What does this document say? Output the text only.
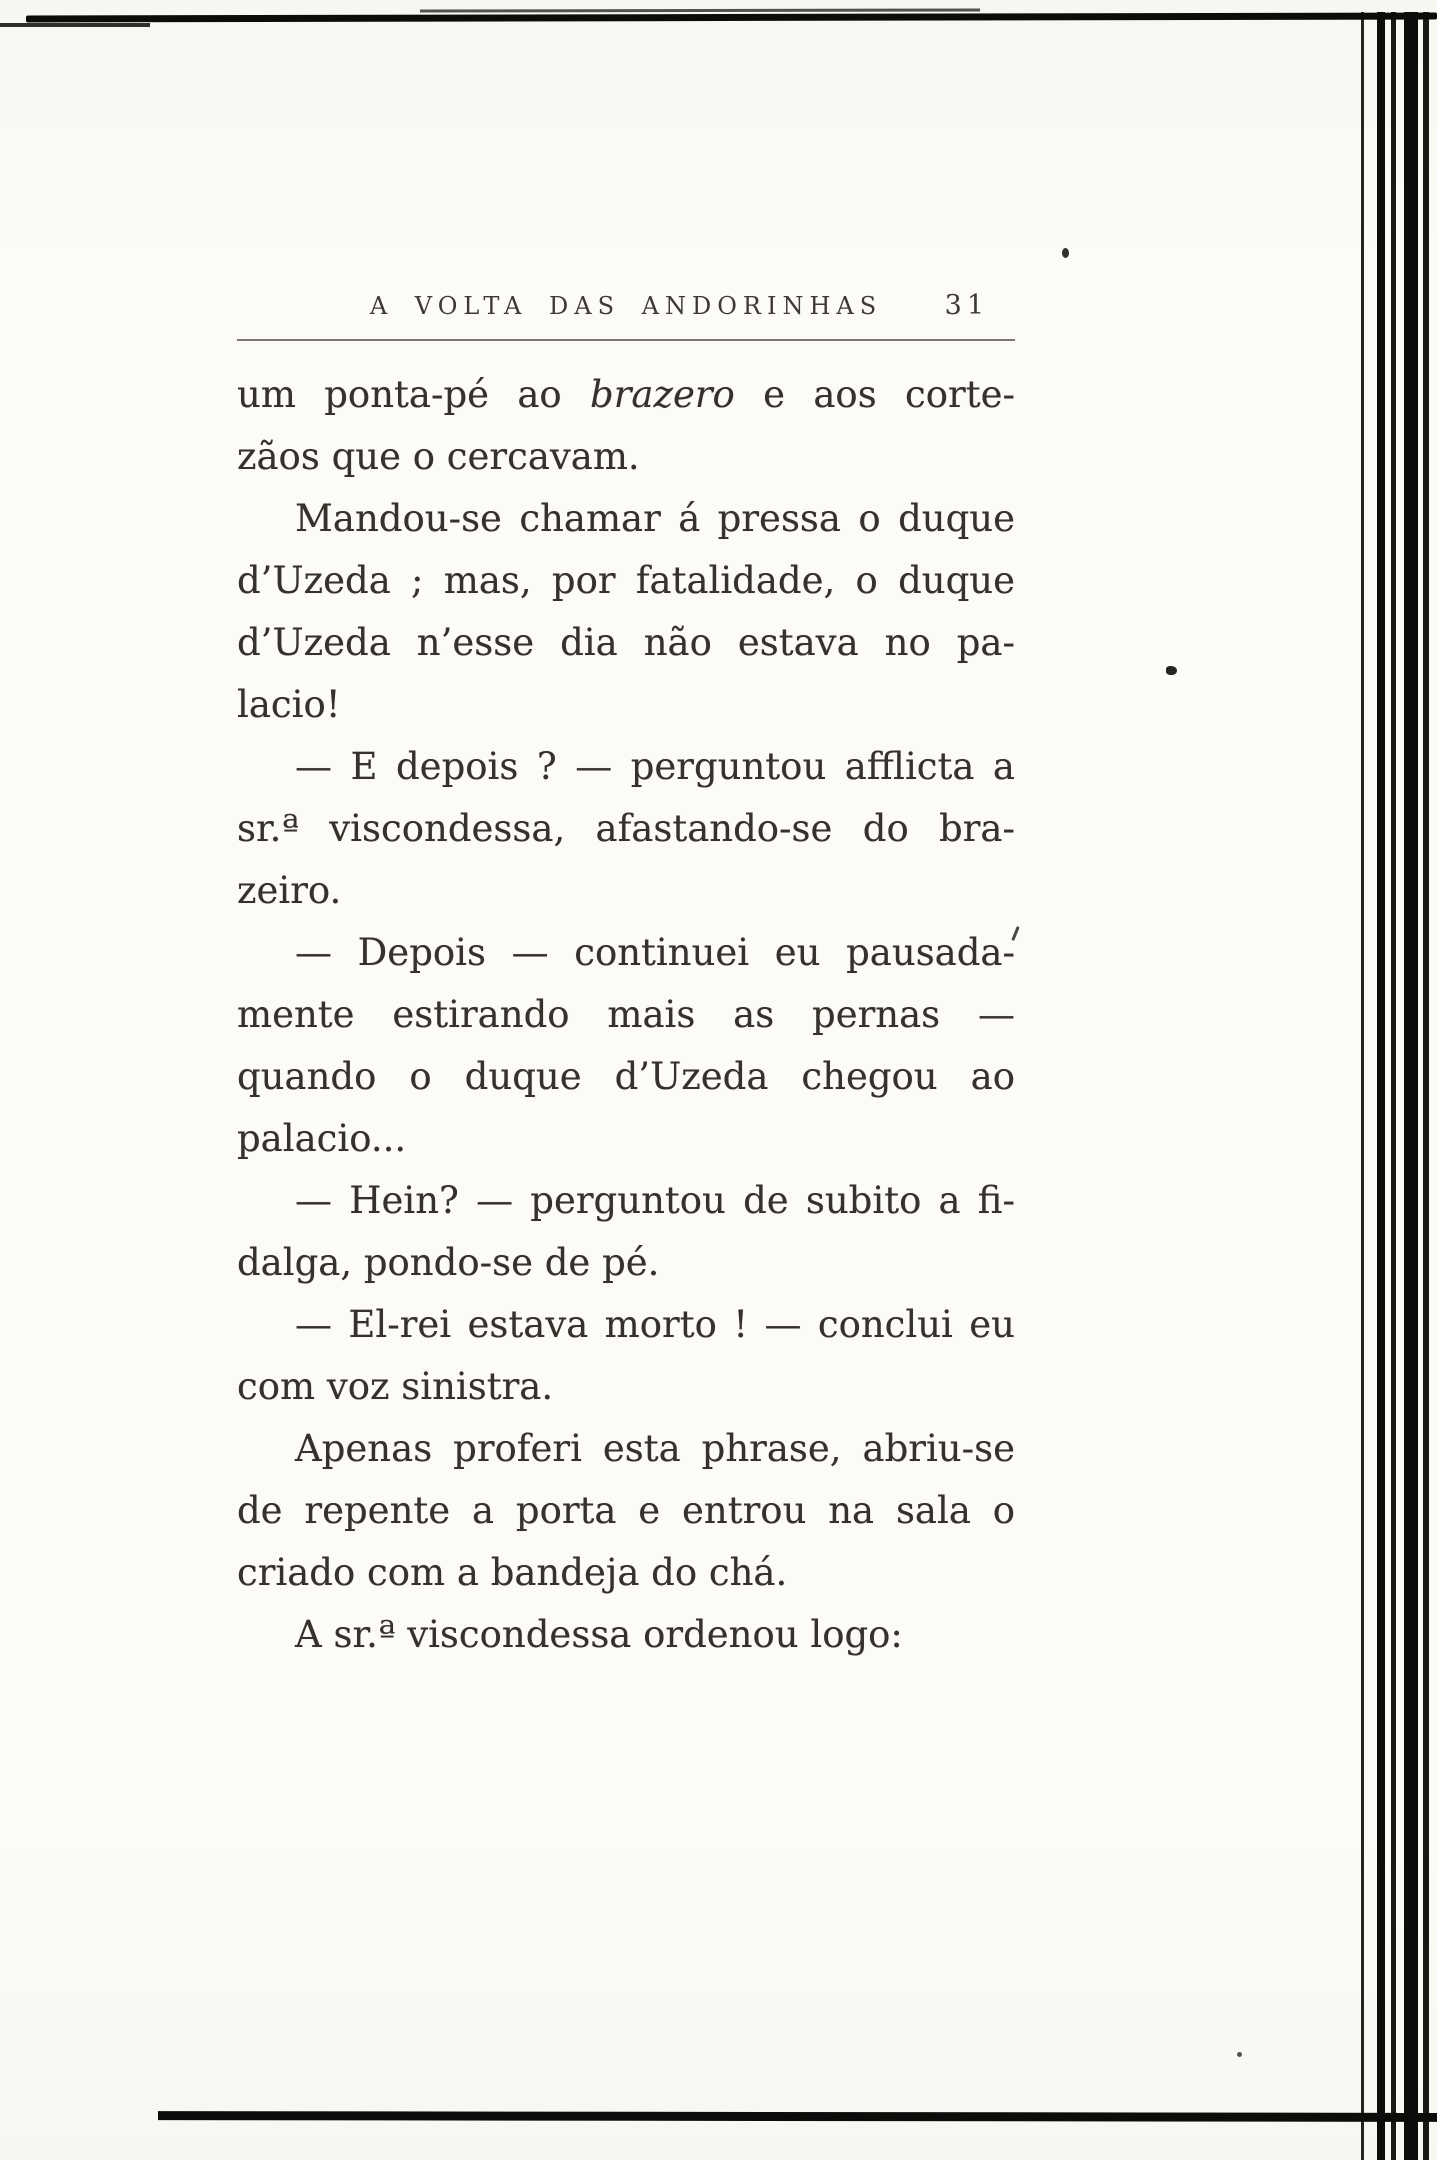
A VOLTA DAS ANDORINHAS	31
um ponta-pé ao brazero e aos corte-
zãos que o cercavam.
Mandou-se chamar á pressa o duque
d’Uzeda ; mas, por fatalidade, o duque
d’Uzeda n’esse dia não estava no pa-
lacio!
— E depois ? — perguntou afflicta a
sr.ª viscondessa, afastando-se do bra-
zeiro.
— Depois — continuei eu pausada-
mente estirando mais as pernas —
quando o duque d’Uzeda chegou ao
palacio...
— Hein? — perguntou de subito a fi-
dalga, pondo-se de pé.
— El-rei estava morto ! — conclui eu
com voz sinistra.
Apenas proferi esta phrase, abriu-se
de repente a porta e entrou na sala o
criado com a bandeja do chá.
A sr.ª viscondessa ordenou logo:
